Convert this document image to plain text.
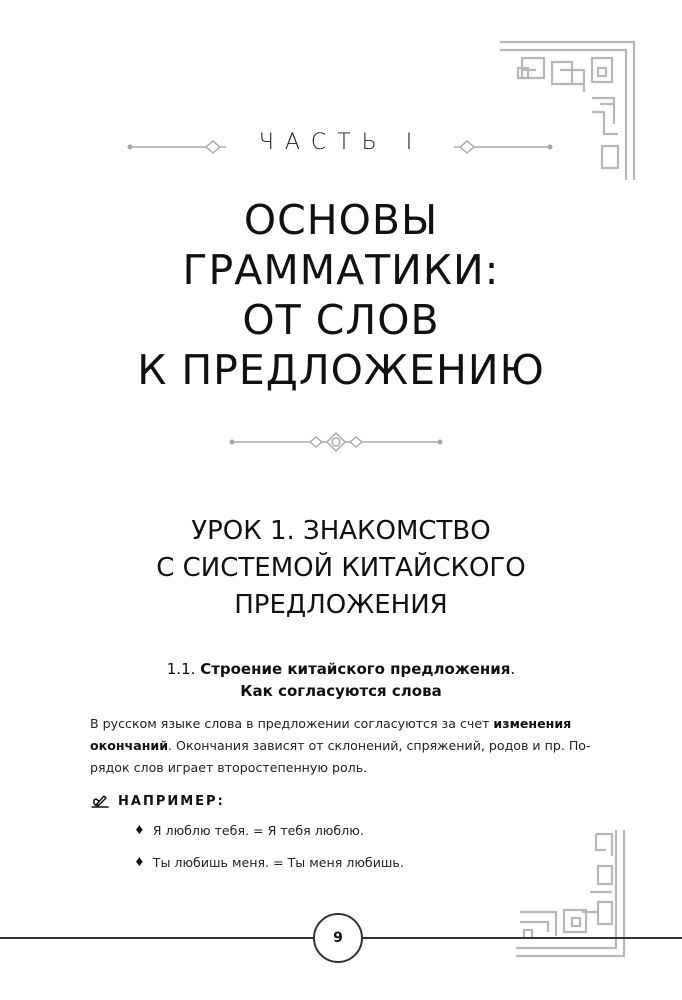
ЧАСТЬ I
ОСНОВЫ
ГРАММАТИКИ:
ОТ СЛОВ
К ПРЕДЛОЖЕНИЮ
УРОК 1. ЗНАКОМСТВО
С СИСТЕМОЙ КИТАЙСКОГО
ПРЕДЛОЖЕНИЯ
1.1. Строение китайского предложения.
Как согласуются слова
В русском языке слова в предложении согласуются за счет изменения
окончаний. Окончания зависят от склонений, спряжений, родов и пр. По-
рядок слов играет второстепенную роль.
НАПРИМЕР:
♦ Я люблю тебя. = Я тебя люблю.
♦ Ты любишь меня. = Ты меня любишь.
9
